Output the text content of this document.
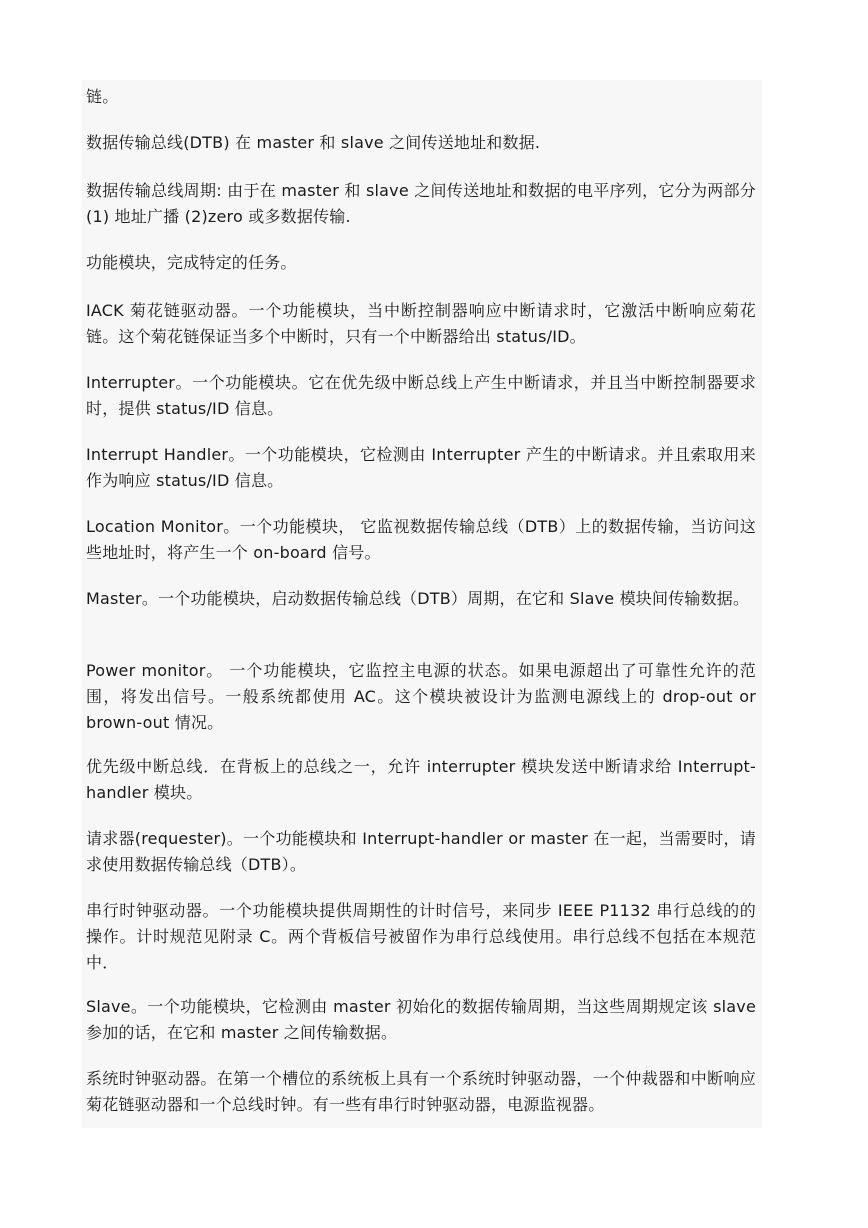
链。

数据传输总线(DTB) 在 master 和 slave 之间传送地址和数据.

数据传输总线周期: 由于在 master 和 slave 之间传送地址和数据的电平序列，它分为两部分 (1) 地址广播 (2)zero 或多数据传输.

功能模块，完成特定的任务。

IACK 菊花链驱动器。一个功能模块，当中断控制器响应中断请求时，它激活中断响应菊花链。这个菊花链保证当多个中断时，只有一个中断器给出 status/ID。

Interrupter。一个功能模块。它在优先级中断总线上产生中断请求，并且当中断控制器要求时，提供 status/ID 信息。

Interrupt Handler。一个功能模块，它检测由 Interrupter 产生的中断请求。并且索取用来作为响应 status/ID 信息。

Location Monitor。一个功能模块， 它监视数据传输总线（DTB）上的数据传输，当访问这些地址时，将产生一个 on-board 信号。

Master。一个功能模块，启动数据传输总线（DTB）周期，在它和 Slave 模块间传输数据。

Power monitor。 一个功能模块，它监控主电源的状态。如果电源超出了可靠性允许的范围，将发出信号。一般系统都使用 AC。这个模块被设计为监测电源线上的 drop-out or brown-out 情况。

优先级中断总线．在背板上的总线之一，允许 interrupter 模块发送中断请求给 Interrupt-handler 模块。

请求器(requester)。一个功能模块和 Interrupt-handler or master 在一起，当需要时，请求使用数据传输总线（DTB）。

串行时钟驱动器。一个功能模块提供周期性的计时信号，来同步 IEEE P1132 串行总线的的操作。计时规范见附录 C。两个背板信号被留作为串行总线使用。串行总线不包括在本规范中．

Slave。一个功能模块，它检测由 master 初始化的数据传输周期，当这些周期规定该 slave 参加的话，在它和 master 之间传输数据。

系统时钟驱动器。在第一个槽位的系统板上具有一个系统时钟驱动器，一个仲裁器和中断响应菊花链驱动器和一个总线时钟。有一些有串行时钟驱动器，电源监视器。
